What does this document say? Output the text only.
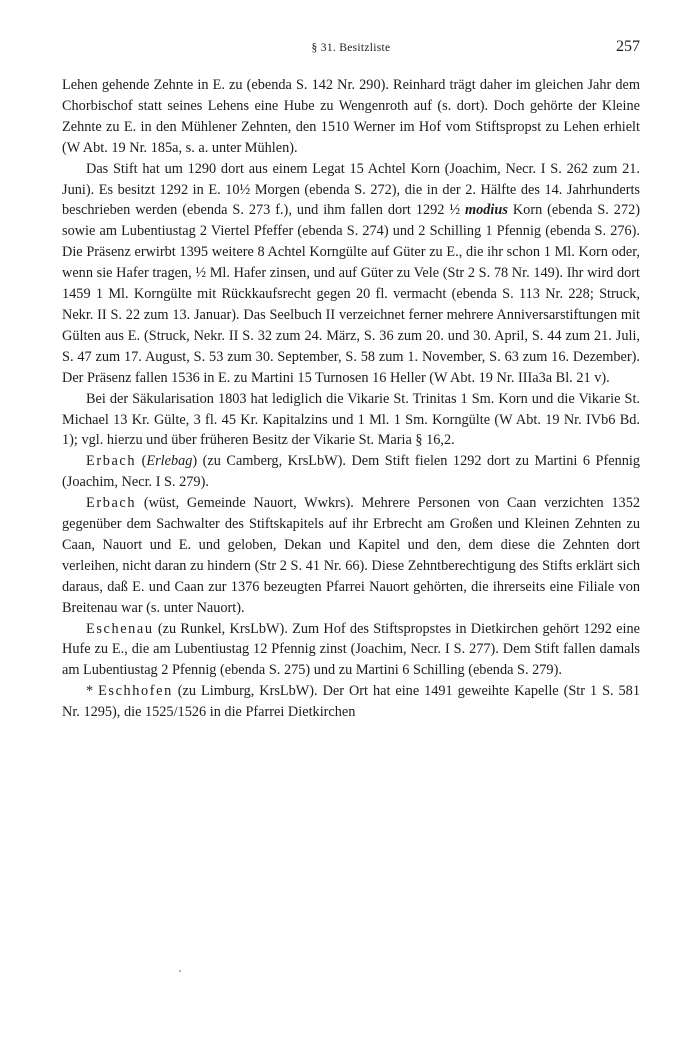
§ 31. Besitzliste	257

Lehen gehende Zehnte in E. zu (ebenda S. 142 Nr. 290). Reinhard trägt daher im gleichen Jahr dem Chorbischof statt seines Lehens eine Hube zu Wengenroth auf (s. dort). Doch gehörte der Kleine Zehnte zu E. in den Mühlener Zehnten, den 1510 Werner im Hof vom Stiftspropst zu Lehen erhielt (W Abt. 19 Nr. 185a, s. a. unter Mühlen).

Das Stift hat um 1290 dort aus einem Legat 15 Achtel Korn (Joachim, Necr. I S. 262 zum 21. Juni). Es besitzt 1292 in E. 10½ Morgen (ebenda S. 272), die in der 2. Hälfte des 14. Jahrhunderts beschrieben werden (ebenda S. 273 f.), und ihm fallen dort 1292 ½ modius Korn (ebenda S. 272) sowie am Lubentiustag 2 Viertel Pfeffer (ebenda S. 274) und 2 Schilling 1 Pfennig (ebenda S. 276). Die Präsenz erwirbt 1395 weitere 8 Achtel Korngülte auf Güter zu E., die ihr schon 1 Ml. Korn oder, wenn sie Hafer tragen, ½ Ml. Hafer zinsen, und auf Güter zu Vele (Str 2 S. 78 Nr. 149). Ihr wird dort 1459 1 Ml. Korngülte mit Rückkaufsrecht gegen 20 fl. vermacht (ebenda S. 113 Nr. 228; Struck, Nekr. II S. 22 zum 13. Januar). Das Seelbuch II verzeichnet ferner mehrere Anniversarstiftungen mit Gülten aus E. (Struck, Nekr. II S. 32 zum 24. März, S. 36 zum 20. und 30. April, S. 44 zum 21. Juli, S. 47 zum 17. August, S. 53 zum 30. September, S. 58 zum 1. November, S. 63 zum 16. Dezember). Der Präsenz fallen 1536 in E. zu Martini 15 Turnosen 16 Heller (W Abt. 19 Nr. IIIa3a Bl. 21 v).

Bei der Säkularisation 1803 hat lediglich die Vikarie St. Trinitas 1 Sm. Korn und die Vikarie St. Michael 13 Kr. Gülte, 3 fl. 45 Kr. Kapitalzins und 1 Ml. 1 Sm. Korngülte (W Abt. 19 Nr. IVb6 Bd. 1); vgl. hierzu und über früheren Besitz der Vikarie St. Maria § 16,2.

Erbach (Erlebag) (zu Camberg, KrsLbW). Dem Stift fielen 1292 dort zu Martini 6 Pfennig (Joachim, Necr. I S. 279).

Erbach (wüst, Gemeinde Nauort, Wwkrs). Mehrere Personen von Caan verzichten 1352 gegenüber dem Sachwalter des Stiftskapitels auf ihr Erbrecht am Großen und Kleinen Zehnten zu Caan, Nauort und E. und geloben, Dekan und Kapitel und den, dem diese die Zehnten dort verleihen, nicht daran zu hindern (Str 2 S. 41 Nr. 66). Diese Zehntberechtigung des Stifts erklärt sich daraus, daß E. und Caan zur 1376 bezeugten Pfarrei Nauort gehörten, die ihrerseits eine Filiale von Breitenau war (s. unter Nauort).

Eschenau (zu Runkel, KrsLbW). Zum Hof des Stiftspropstes in Dietkirchen gehört 1292 eine Hufe zu E., die am Lubentiustag 12 Pfennig zinst (Joachim, Necr. I S. 277). Dem Stift fallen damals am Lubentiustag 2 Pfennig (ebenda S. 275) und zu Martini 6 Schilling (ebenda S. 279).

* Eschhofen (zu Limburg, KrsLbW). Der Ort hat eine 1491 geweihte Kapelle (Str 1 S. 581 Nr. 1295), die 1525/1526 in die Pfarrei Dietkirchen
